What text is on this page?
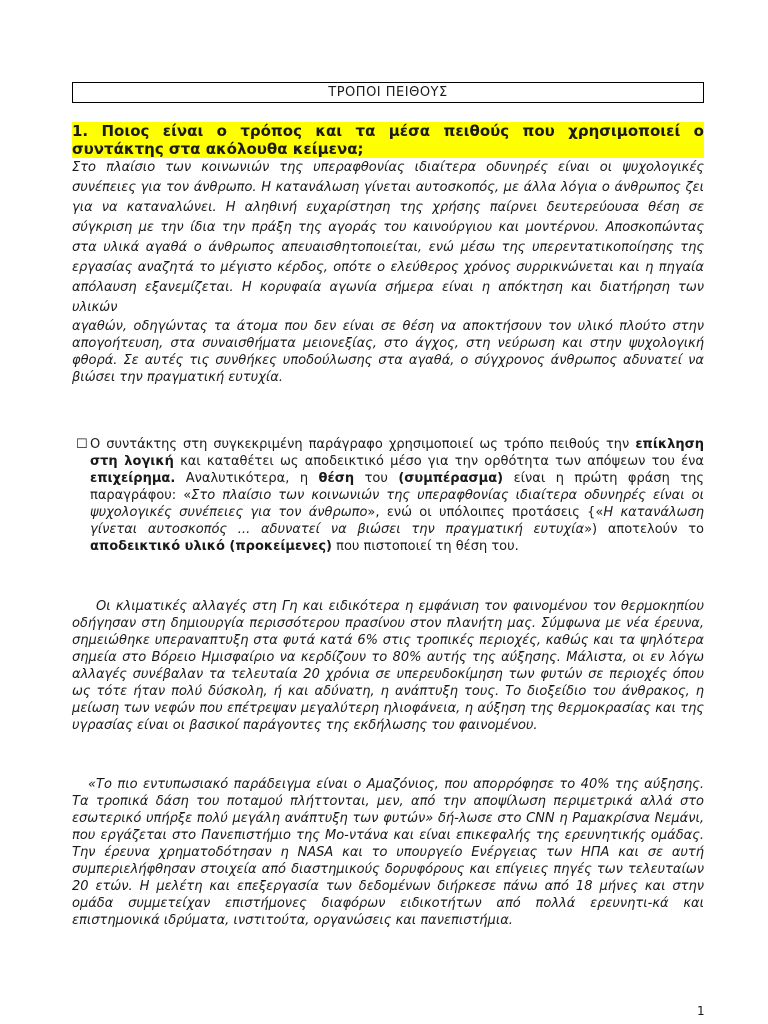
ΤΡΟΠΟΙ ΠΕΙΘΟΥΣ
1. Ποιος είναι ο τρόπος και τα μέσα πειθούς που χρησιμοποιεί ο συντάκτης στα ακόλουθα κείμενα;

Στο πλαίσιο των κοινωνιών της υπεραφθονίας ιδιαίτερα οδυνηρές είναι οι ψυχολογικές συνέπειες για τον άνθρωπο. Η κατανάλωση γίνεται αυτοσκοπός, με άλλα λόγια ο άνθρωπος ζει για να καταναλώνει. Η αληθινή ευχαρίστηση της χρήσης παίρνει δευτερεύουσα θέση σε σύγκριση με την ίδια την πράξη της αγοράς του καινούργιου και μοντέρνου. Αποσκοπώντας στα υλικά αγαθά ο άνθρωπος απευαισθητοποιείται, ενώ μέσω της υπερεντατικοποίησης της εργασίας αναζητά το μέγιστο κέρδος, οπότε ο ελεύθερος χρόνος συρρικνώνεται και η πηγαία απόλαυση εξανεμίζεται. Η κορυφαία αγωνία σήμερα είναι η απόκτηση και διατήρηση των υλικών

αγαθών, οδηγώντας τα άτομα που δεν είναι σε θέση να αποκτήσουν τον υλικό πλούτο στην απογοήτευση, στα συναισθήματα μειονεξίας, στο άγχος, στη νεύρωση και στην ψυχολογική φθορά. Σε αυτές τις συνθήκες υποδούλωσης στα αγαθά, ο σύγχρονος άνθρωπος αδυνατεί να βιώσει την πραγματική ευτυχία.

☐ Ο συντάκτης στη συγκεκριμένη παράγραφο χρησιμοποιεί ως τρόπο πειθούς την επίκληση στη λογική και καταθέτει ως αποδεικτικό μέσο για την ορθότητα των απόψεων του ένα επιχείρημα. Αναλυτικότερα, η θέση του (συμπέρασμα) είναι η πρώτη φράση της παραγράφου: «Στο πλαίσιο των κοινωνιών της υπεραφθονίας ιδιαίτερα οδυνηρές είναι οι ψυχολογικές συνέπειες για τον άνθρωπο», ενώ οι υπόλοιπες προτάσεις {«Η κατανάλωση γίνεται αυτοσκοπός ... αδυνατεί να βιώσει την πραγματική ευτυχία») αποτελούν το αποδεικτικό υλικό (προκείμενες) που πιστοποιεί τη θέση του.

Οι κλιματικές αλλαγές στη Γη και ειδικότερα η εμφάνιση τον φαινομένου τον θερμοκηπίου οδήγησαν στη δημιουργία περισσότερου πρασίνου στον πλανήτη μας. Σύμφωνα με νέα έρευνα, σημειώθηκε υπεραναπτυξη στα φυτά κατά 6% στις τροπικές περιοχές, καθώς και τα ψηλότερα σημεία στο Βόρειο Ημισφαίριο να κερδίζουν το 80% αυτής της αύξησης. Μάλιστα, οι εν λόγω αλλαγές συνέβαλαν τα τελευταία 20 χρόνια σε υπερευδοκίμηση των φυτών σε περιοχές όπου ως τότε ήταν πολύ δύσκολη, ή και αδύνατη, η ανάπτυξη τους. Το διοξείδιο του άνθρακος, η μείωση των νεφών που επέτρεψαν μεγαλύτερη ηλιοφάνεια, η αύξηση της θερμοκρασίας και της υγρασίας είναι οι βασικοί παράγοντες της εκδήλωσης του φαινομένου.

«Το πιο εντυπωσιακό παράδειγμα είναι ο Αμαζόνιος, που απορρόφησε το 40% της αύξησης. Τα τροπικά δάση του ποταμού πλήττονται, μεν, από την αποψίλωση περιμετρικά αλλά στο εσωτερικό υπήρξε πολύ μεγάλη ανάπτυξη των φυτών» δή-λωσε στο CNN η Ραμακρίσνα Νεμάνι, που εργάζεται στο Πανεπιστήμιο της Μο-ντάνα και είναι επικεφαλής της ερευνητικής ομάδας. Την έρευνα χρηματοδότησαν η NASA και το υπουργείο Ενέργειας των ΗΠΑ και σε αυτή συμπεριελήφθησαν στοιχεία από διαστημικούς δορυφόρους και επίγειες πηγές των τελευταίων 20 ετών. Η μελέτη και επεξεργασία των δεδομένων διήρκεσε πάνω από 18 μήνες και στην ομάδα συμμετείχαν επιστήμονες διαφόρων ειδικοτήτων από πολλά ερευνητι-κά και επιστημονικά ιδρύματα, ινστιτούτα, οργανώσεις και πανεπιστήμια.

1
